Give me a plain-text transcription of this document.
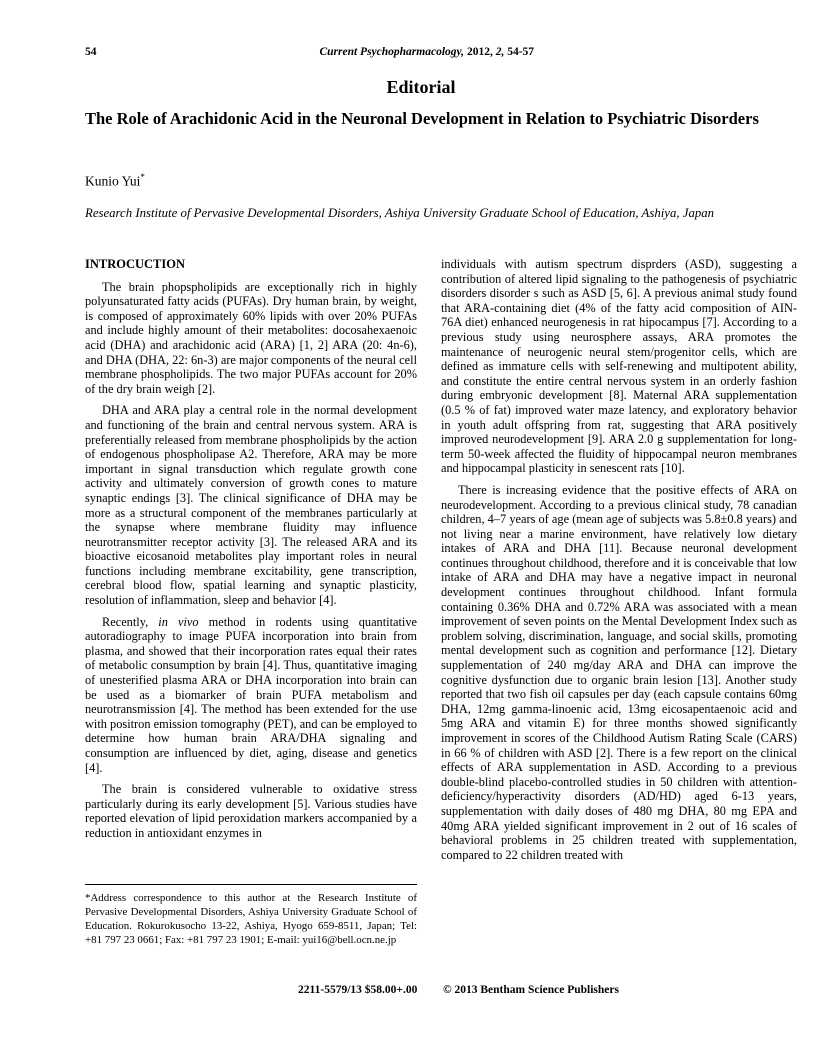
54	Current Psychopharmacology, 2012, 2, 54-57
Editorial
The Role of Arachidonic Acid in the Neuronal Development in Relation to Psychiatric Disorders
Kunio Yui*
Research Institute of Pervasive Developmental Disorders, Ashiya University Graduate School of Education, Ashiya, Japan
INTROCUCTION

The brain phopspholipids are exceptionally rich in highly polyunsaturated fatty acids (PUFAs). Dry human brain, by weight, is composed of approximately 60% lipids with over 20% PUFAs and include highly amount of their metabolites: docosahexaenoic acid (DHA) and arachidonic acid (ARA) [1, 2] ARA (20: 4n-6), and DHA (DHA, 22: 6n-3) are major components of the neural cell membrane phospholipids. The two major PUFAs account for 20% of the dry brain weigh [2].

DHA and ARA play a central role in the normal development and functioning of the brain and central nervous system. ARA is preferentially released from membrane phospholipids by the action of endogenous phospholipase A2. Therefore, ARA may be more important in signal transduction which regulate growth cone activity and ultimately conversion of growth cones to mature synaptic endings [3]. The clinical significance of DHA may be more as a structural component of the membranes particularly at the synapse where membrane fluidity may influence neurotransmitter receptor activity [3]. The released ARA and its bioactive eicosanoid metabolites play important roles in neural functions including membrane excitability, gene transcription, cerebral blood flow, spatial learning and synaptic plasticity, resolution of inflammation, sleep and behavior [4].

Recently, in vivo method in rodents using quantitative autoradiography to image PUFA incorporation into brain from plasma, and showed that their incorporation rates equal their rates of metabolic consumption by brain [4]. Thus, quantitative imaging of unesterified plasma ARA or DHA incorporation into brain can be used as a biomarker of brain PUFA metabolism and neurotransmission [4]. The method has been extended for the use with positron emission tomography (PET), and can be employed to determine how human brain ARA/DHA signaling and consumption are influenced by diet, aging, disease and genetics [4].

The brain is considered vulnerable to oxidative stress particularly during its early development [5]. Various studies have reported elevation of lipid peroxidation markers accompanied by a reduction in antioxidant enzymes in

individuals with autism spectrum disprders (ASD), suggesting a contribution of altered lipid signaling to the pathogenesis of psychiatric disorders disorder s such as ASD [5, 6]. A previous animal study found that ARA-containing diet (4% of the fatty acid composition of AIN-76A diet) enhanced neurogenesis in rat hipocampus [7]. According to a previous study using neurosphere assays, ARA promotes the maintenance of neurogenic neural stem/progenitor cells, which are defined as immature cells with self-renewing and multipotent ability, and constitute the entire central nervous system in an orderly fashion during embryonic development [8]. Maternal ARA supplementation (0.5 % of fat) improved water maze latency, and exploratory behavior in youth adult offspring from rat, suggesting that ARA positively improved neurodevelopment [9]. ARA 2.0 g supplementation for long-term 50-week affected the fluidity of hippocampal neuron membranes and hippocampal plasticity in senescent rats [10].

There is increasing evidence that the positive effects of ARA on neurodevelopment. According to a previous clinical study, 78 canadian children, 4–7 years of age (mean age of subjects was 5.8±0.8 years) and not living near a marine environment, have relatively low dietary intakes of ARA and DHA [11]. Because neuronal development continues throughout childhood, therefore and it is conceivable that low intake of ARA and DHA may have a negative impact in neuronal development continues throughout childhood. Infant formula containing 0.36% DHA and 0.72% ARA was associated with a mean improvement of seven points on the Mental Development Index such as problem solving, discrimination, language, and social skills, promoting mental development such as cognition and performance [12]. Dietary supplementation of 240 mg/day ARA and DHA can improve the cognitive dysfunction due to organic brain lesion [13]. Another study reported that two fish oil capsules per day (each capsule contains 60mg DHA, 12mg gamma-linoenic acid, 13mg eicosapentaenoic acid and 5mg ARA and vitamin E) for three months showed significantly improvement in scores of the Childhood Autism Rating Scale (CARS) in 66 % of children with ASD [2]. There is a few report on the clinical effects of ARA supplementation in ASD. According to a previous double-blind placebo-controlled studies in 50 children with attention-deficiency/hyperactivity disorders (AD/HD) aged 6-13 years, supplementation with daily doses of 480 mg DHA, 80 mg EPA and 40mg ARA yielded significant improvement in 2 out of 16 scales of behavioral problems in 25 children treated with supplementation, compared to 22 children treated with

*Address correspondence to this author at the Research Institute of Pervasive Developmental Disorders, Ashiya University Graduate School of Education. Rokurokusocho 13-22, Ashiya, Hyogo 659-8511, Japan; Tel: +81 797 23 0661; Fax: +81 797 23 1901; E-mail: yui16@bell.ocn.ne.jp
2211-5579/13 $58.00+.00 © 2013 Bentham Science Publishers
